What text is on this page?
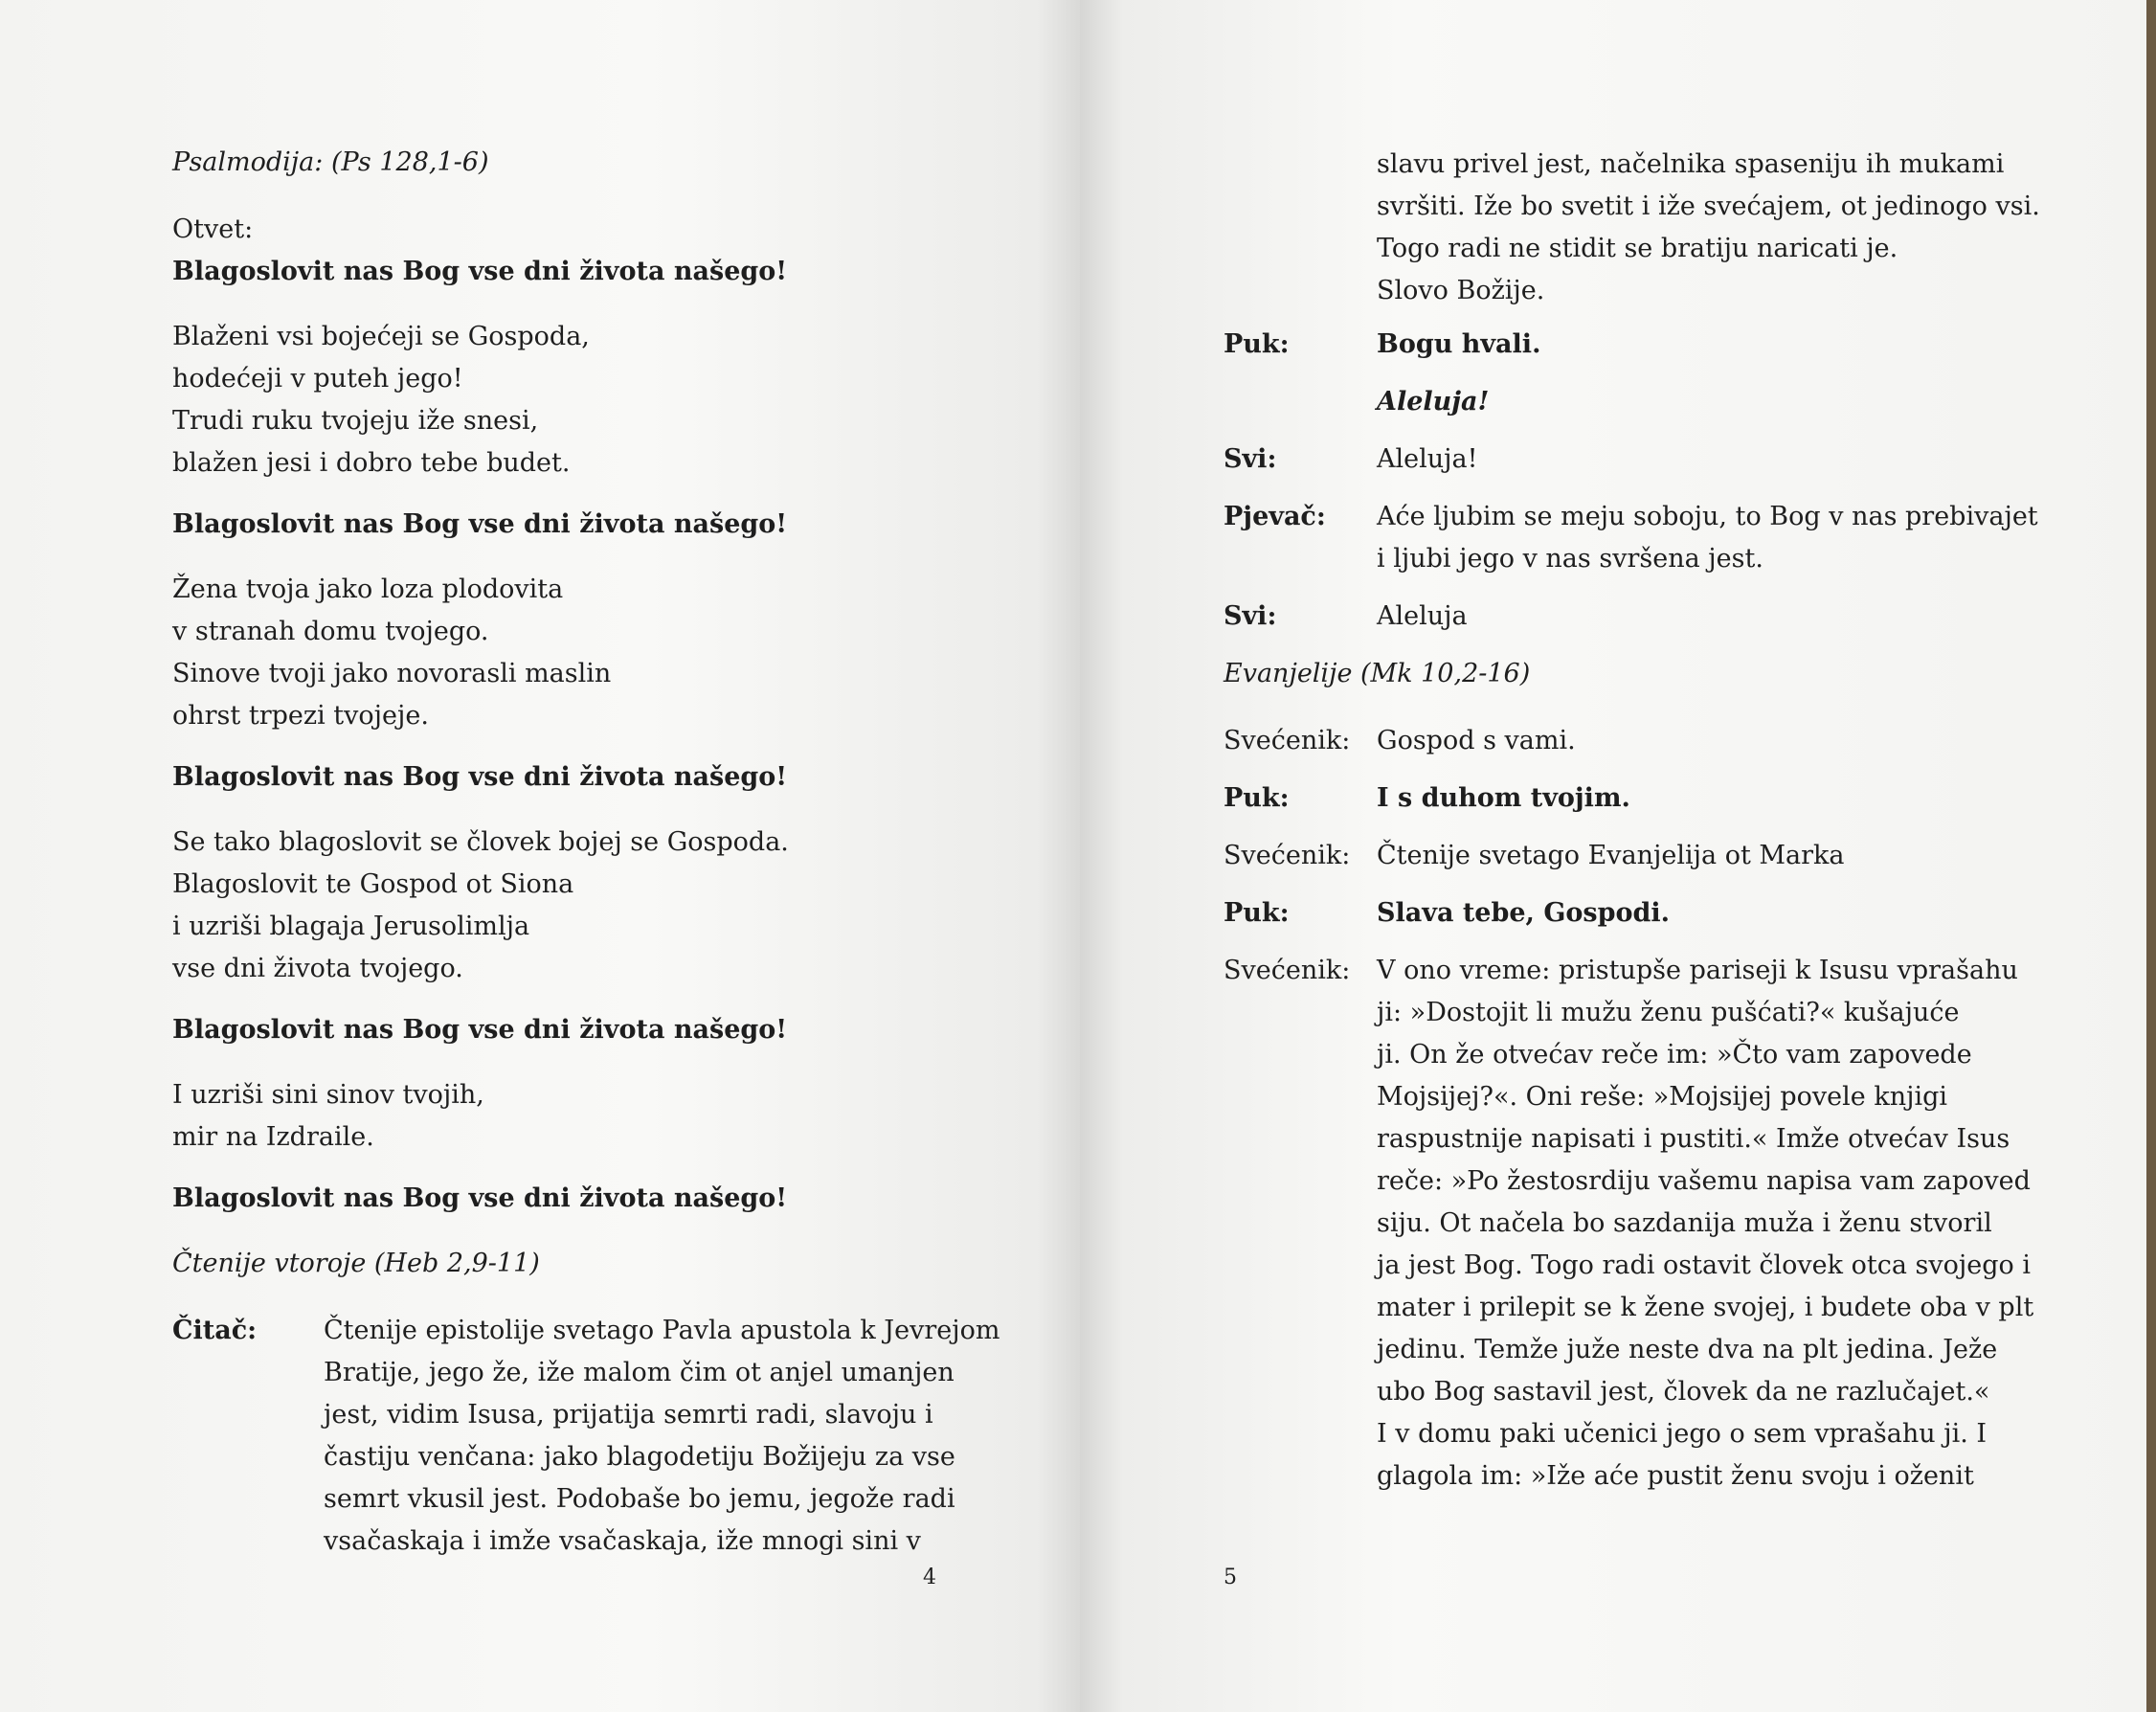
Psalmodija: (Ps 128,1-6)
Otvet:
Blagoslovit nas Bog vse dni života našego!
Blaženi vsi bojećeji se Gospoda,
hodećeji v puteh jego!
Trudi ruku tvojeju iže snesi,
blažen jesi i dobro tebe budet.
Blagoslovit nas Bog vse dni života našego!
Žena tvoja jako loza plodovita
v stranah domu tvojego.
Sinove tvoji jako novorasli maslin
ohrst trpezi tvojeje.
Blagoslovit nas Bog vse dni života našego!
Se tako blagoslovit se človek bojej se Gospoda.
Blagoslovit te Gospod ot Siona
i uzriši blagaja Jerusolimlja
vse dni života tvojego.
Blagoslovit nas Bog vse dni života našego!
I uzriši sini sinov tvojih,
mir na Izdraile.
Blagoslovit nas Bog vse dni života našego!
Čtenije vtoroje (Heb 2,9-11)
Čitač:	Čtenije epistolije svetago Pavla apustola k Jevrejom
Bratije, jego že, iže malom čim ot anjel umanjen
jest, vidim Isusa, prijatija semrti radi, slavoju i
častiju venčana: jako blagodetiju Božijeju za vse
semrt vkusil jest. Podobaše bo jemu, jegože radi
vsačaskaja i imže vsačaskaja, iže mnogi sini v
4
slavu privel jest, načelnika spaseniju ih mukami
svršiti. Iže bo svetit i iže svećajem, ot jedinogo vsi.
Togo radi ne stidit se bratiju naricati je.
Slovo Božije.
Puk:	Bogu hvali.
Aleluja!
Svi:	Aleluja!
Pjevač:	Aće ljubim se meju soboju, to Bog v nas prebivajet
i ljubi jego v nas svršena jest.
Svi:	Aleluja
Evanjelije (Mk 10,2-16)
Svećenik:	Gospod s vami.
Puk:	I s duhom tvojim.
Svećenik:	Čtenije svetago Evanjelija ot Marka
Puk:	Slava tebe, Gospodi.
Svećenik:	V ono vreme: pristupše pariseji k Isusu vprašahu
ji: »Dostojit li mužu ženu pušćati?« kušajuće
ji. On že otvećav reče im: »Čto vam zapovede
Mojsijej?«. Oni reše: »Mojsijej povele knjigi
raspustnije napisati i pustiti.« Imže otvećav Isus
reče: »Po žestosrdiju vašemu napisa vam zapoved
siju. Ot načela bo sazdanija muža i ženu stvoril
ja jest Bog. Togo radi ostavit človek otca svojego i
mater i prilepit se k žene svojej, i budete oba v plt
jedinu. Temže juže neste dva na plt jedina. Ježe
ubo Bog sastavil jest, človek da ne razlučajet.«
I v domu paki učenici jego o sem vprašahu ji. I
glagola im: »Iže aće pustit ženu svoju i oženit
5
